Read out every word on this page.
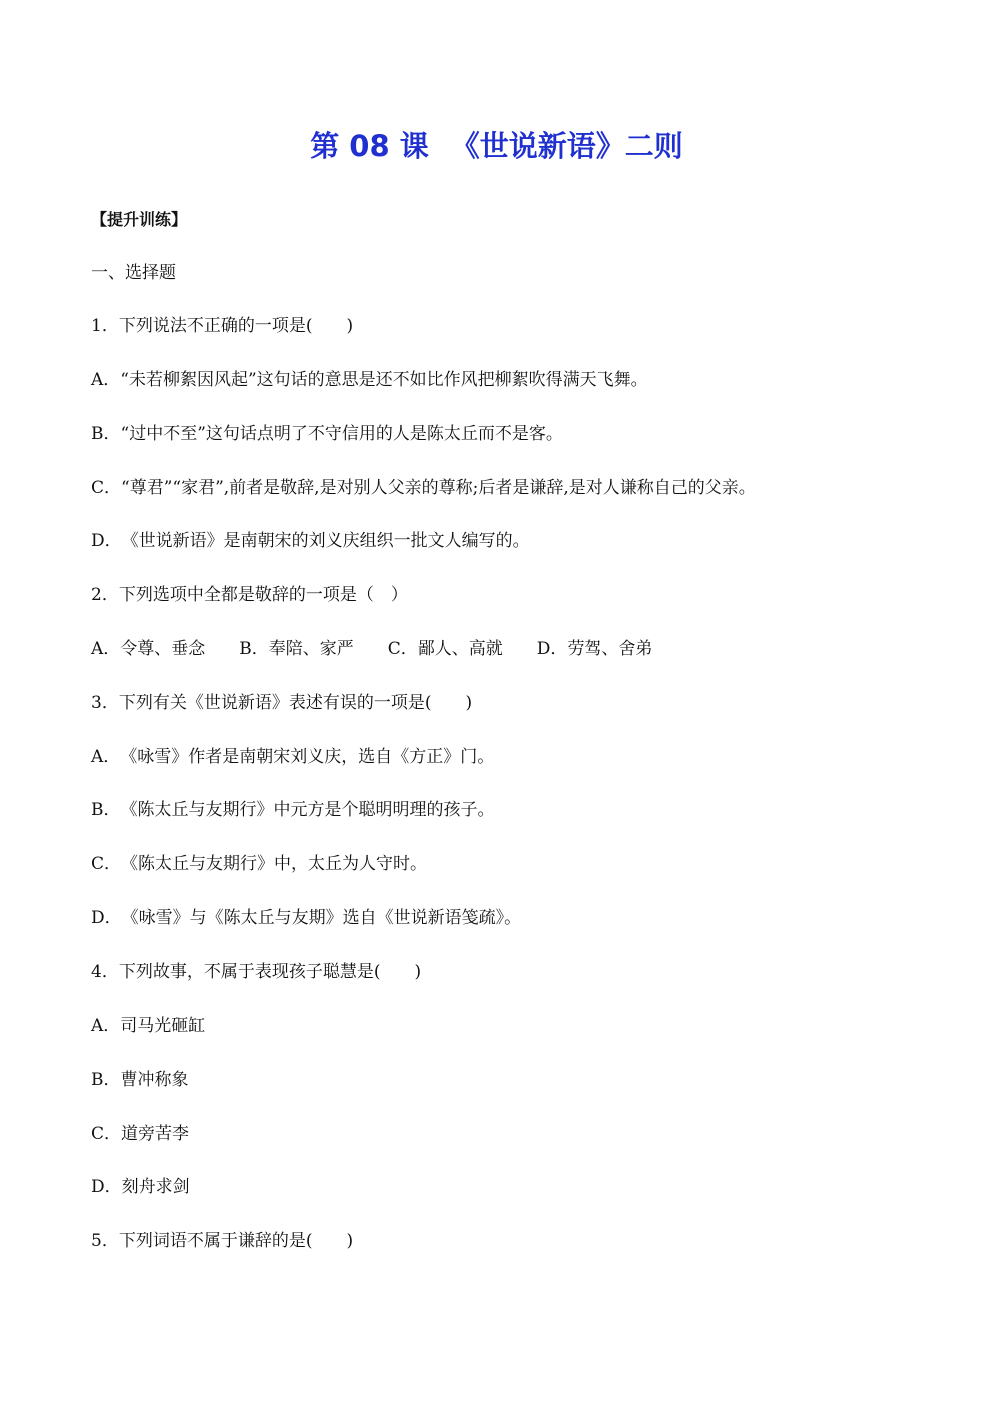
第 08 课 《世说新语》二则
【提升训练】
一、选择题
1．下列说法不正确的一项是(　　)
A．“未若柳絮因风起”这句话的意思是还不如比作风把柳絮吹得满天飞舞。
B．“过中不至”这句话点明了不守信用的人是陈太丘而不是客。
C．“尊君”“家君”,前者是敬辞,是对别人父亲的尊称;后者是谦辞,是对人谦称自己的父亲。
D．《世说新语》是南朝宋的刘义庆组织一批文人编写的。
2．下列选项中全都是敬辞的一项是（　）
A．令尊、垂念 B．奉陪、家严 C．鄙人、高就 D．劳驾、舍弟
3．下列有关《世说新语》表述有误的一项是(　　)
A．《咏雪》作者是南朝宋刘义庆，选自《方正》门。
B．《陈太丘与友期行》中元方是个聪明明理的孩子。
C．《陈太丘与友期行》中，太丘为人守时。
D．《咏雪》与《陈太丘与友期》选自《世说新语笺疏》。
4．下列故事，不属于表现孩子聪慧是(　　)
A．司马光砸缸
B．曹冲称象
C．道旁苦李
D．刻舟求剑
5．下列词语不属于谦辞的是(　　)
